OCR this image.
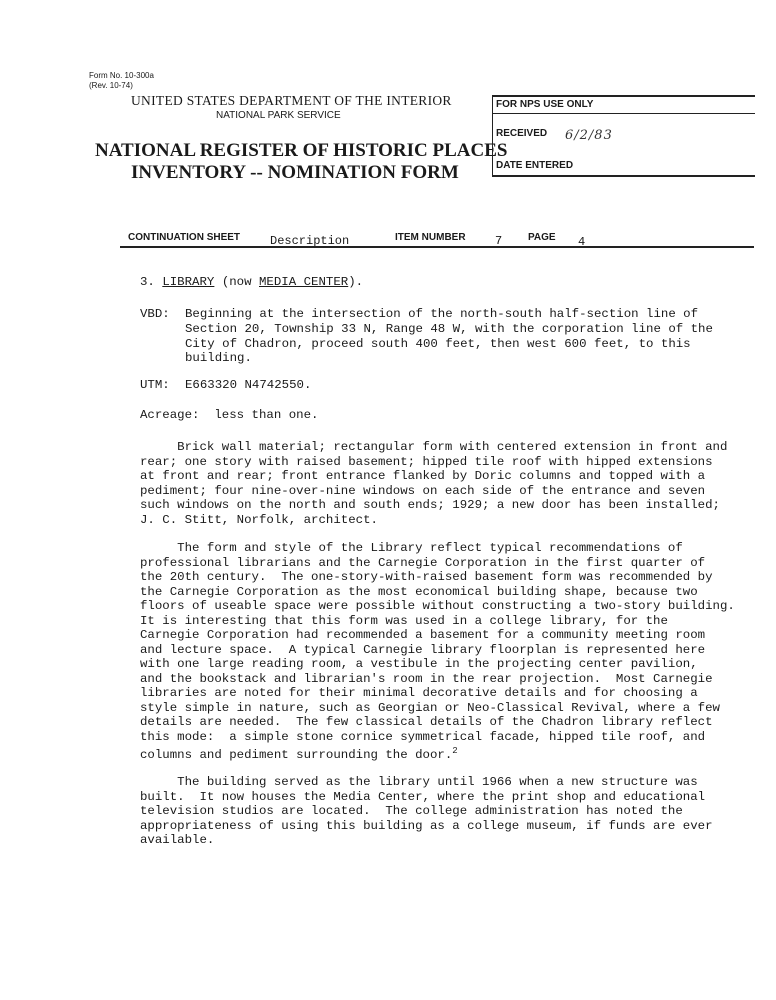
Form No. 10-300a
(Rev. 10-74)
UNITED STATES DEPARTMENT OF THE INTERIOR
NATIONAL PARK SERVICE
NATIONAL REGISTER OF HISTORIC PLACES
INVENTORY -- NOMINATION FORM
FOR NPS USE ONLY
RECEIVED 6/2/83
DATE ENTERED
CONTINUATION SHEET Description	ITEM NUMBER 7	PAGE 4
3. LIBRARY (now MEDIA CENTER).
VBD: Beginning at the intersection of the north-south half-section line of
Section 20, Township 33 N, Range 48 W, with the corporation line of the
City of Chadron, proceed south 400 feet, then west 600 feet, to this
building.
UTM: E663320 N4742550.
Acreage: less than one.
Brick wall material; rectangular form with centered extension in front and
rear; one story with raised basement; hipped tile roof with hipped extensions
at front and rear; front entrance flanked by Doric columns and topped with a
pediment; four nine-over-nine windows on each side of the entrance and seven
such windows on the north and south ends; 1929; a new door has been installed;
J. C. Stitt, Norfolk, architect.
The form and style of the Library reflect typical recommendations of
professional librarians and the Carnegie Corporation in the first quarter of
the 20th century.  The one-story-with-raised basement form was recommended by
the Carnegie Corporation as the most economical building shape, because two
floors of useable space were possible without constructing a two-story building.
It is interesting that this form was used in a college library, for the
Carnegie Corporation had recommended a basement for a community meeting room
and lecture space.  A typical Carnegie library floorplan is represented here
with one large reading room, a vestibule in the projecting center pavilion,
and the bookstack and librarian's room in the rear projection.  Most Carnegie
libraries are noted for their minimal decorative details and for choosing a
style simple in nature, such as Georgian or Neo-Classical Revival, where a few
details are needed.  The few classical details of the Chadron library reflect
this mode:  a simple stone cornice symmetrical facade, hipped tile roof, and
columns and pediment surrounding the door.$^2$
The building served as the library until 1966 when a new structure was
built.  It now houses the Media Center, where the print shop and educational
television studios are located.  The college administration has noted the
appropriateness of using this building as a college museum, if funds are ever
available.
